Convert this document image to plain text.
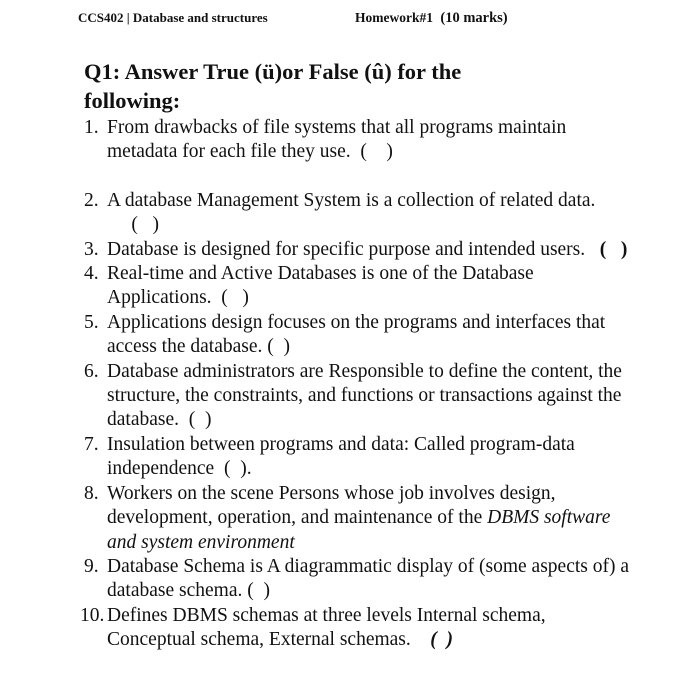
CCS402 | Database and structures	Homework#1 (10 marks)
Q1: Answer True (ü)or False (û) for the following:
1. From drawbacks of file systems that all programs maintain metadata for each file they use.  (    )
2. A database Management System is a collection of related data.     (   )
3. Database is designed for specific purpose and intended users.   (   )
4. Real-time and Active Databases is one of the Database Applications.  (   )
5. Applications design focuses on the programs and interfaces that access the database. (  )
6. Database administrators are Responsible to define the content, the structure, the constraints, and functions or transactions against the database.  (  )
7. Insulation between programs and data: Called program-data independence  (  ).
8. Workers on the scene Persons whose job involves design, development, operation, and maintenance of the DBMS software and system environment
9. Database Schema is A diagrammatic display of (some aspects of) a database schema. (  )
10. Defines DBMS schemas at three levels Internal schema, Conceptual schema, External schemas.    (  )
